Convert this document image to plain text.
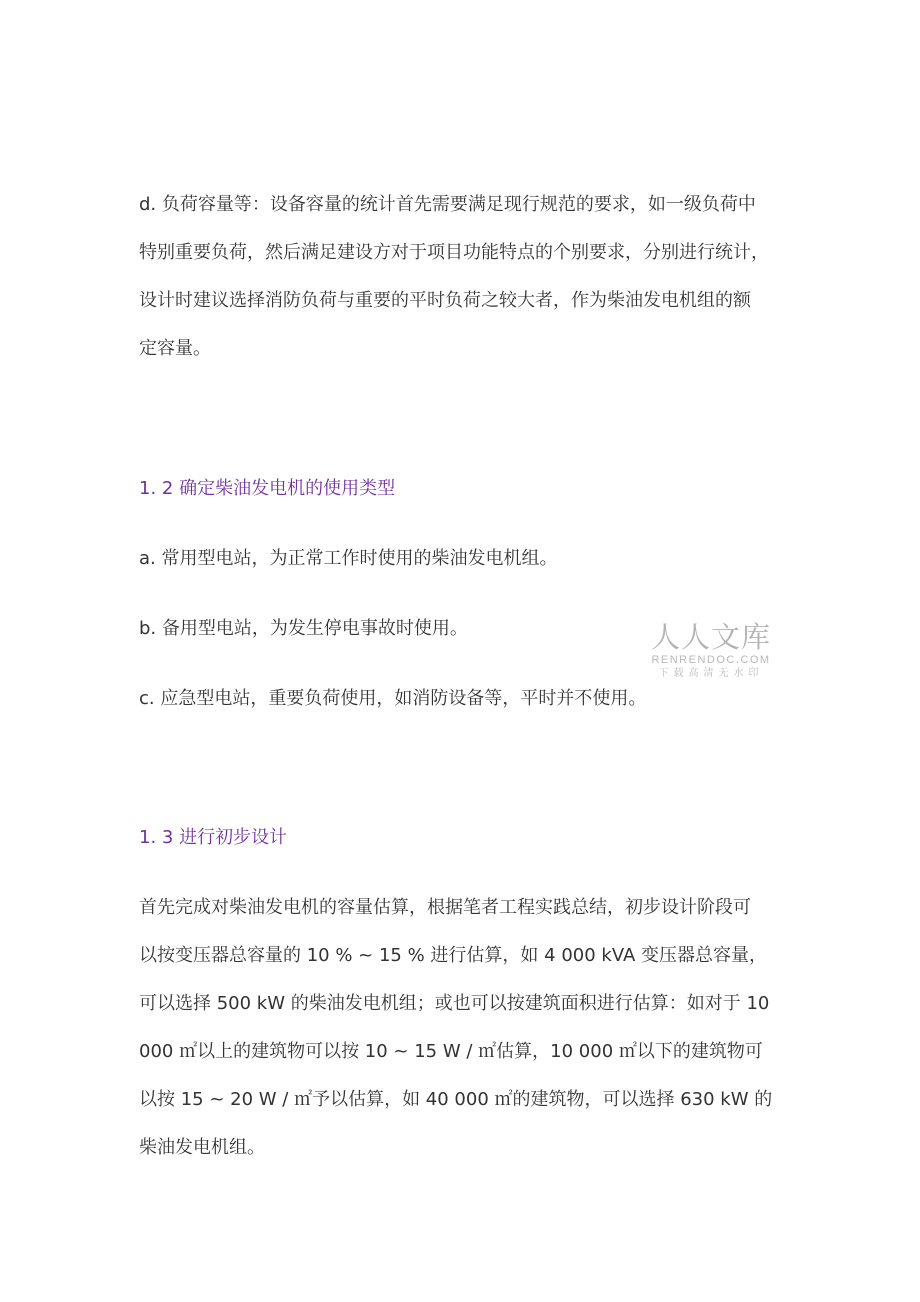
d. 负荷容量等：设备容量的统计首先需要满足现行规范的要求，如一级负荷中
特别重要负荷，然后满足建设方对于项目功能特点的个别要求，分别进行统计，
设计时建议选择消防负荷与重要的平时负荷之较大者，作为柴油发电机组的额
定容量。
1. 2 确定柴油发电机的使用类型
a. 常用型电站，为正常工作时使用的柴油发电机组。
b. 备用型电站，为发生停电事故时使用。
c. 应急型电站，重要负荷使用，如消防设备等，平时并不使用。
1. 3 进行初步设计
首先完成对柴油发电机的容量估算，根据笔者工程实践总结，初步设计阶段可
以按变压器总容量的 10 % ~ 15 % 进行估算，如 4 000 kVA 变压器总容量，
可以选择 500 kW 的柴油发电机组；或也可以按建筑面积进行估算：如对于 10
000 ㎡以上的建筑物可以按 10 ~ 15 W / ㎡估算，10 000 ㎡以下的建筑物可
以按 15 ~ 20 W / ㎡予以估算，如 40 000 ㎡的建筑物，可以选择 630 kW 的
柴油发电机组。
人人文库
RENRENDOC.COM
下载高清无水印
